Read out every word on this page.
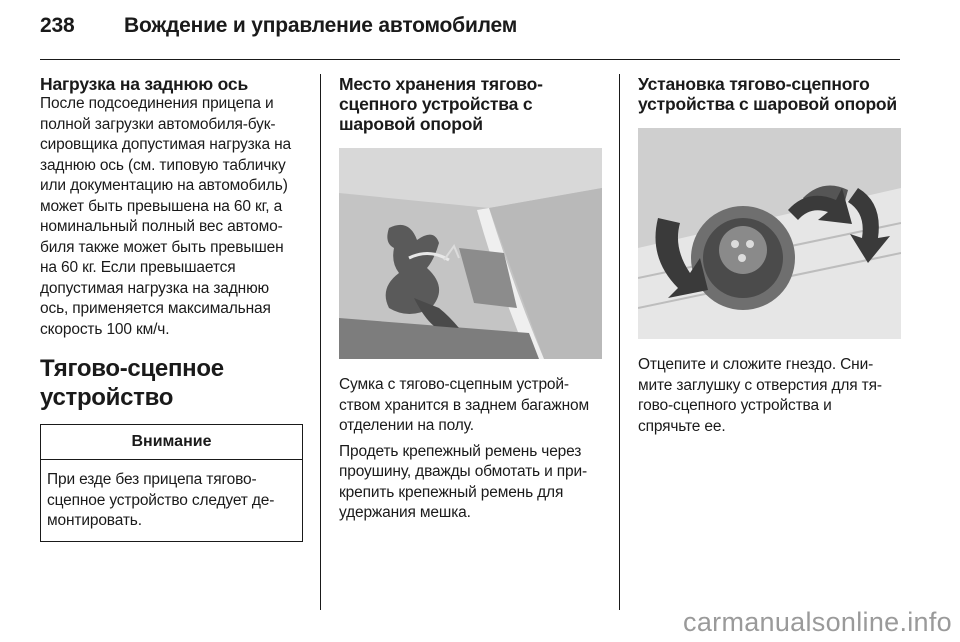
238 Вождение и управление автомобилем
Нагрузка на заднюю ось
После подсоединения прицепа и
полной загрузки автомобиля-бук-
сировщика допустимая нагрузка на
заднюю ось (см. типовую табличку
или документацию на автомобиль)
может быть превышена на 60 кг, а
номинальный полный вес автомо-
биля также может быть превышен
на 60 кг. Если превышается
допустимая нагрузка на заднюю
ось, применяется максимальная
скорость 100 км/ч.
Тягово-сцепное
устройство
Внимание
При езде без прицепа тягово-
сцепное устройство следует де-
монтировать.
Место хранения тягово-
сцепного устройства с
шаровой опорой
Сумка с тягово-сцепным устрой-
ством хранится в заднем багажном
отделении на полу.
Продеть крепежный ремень через
проушину, дважды обмотать и при-
крепить крепежный ремень для
удержания мешка.
Установка тягово-сцепного
устройства с шаровой опорой
Отцепите и сложите гнездо. Сни-
мите заглушку с отверстия для тя-
гово-сцепного устройства и
спрячьте ее.
carmanualsonline.info
